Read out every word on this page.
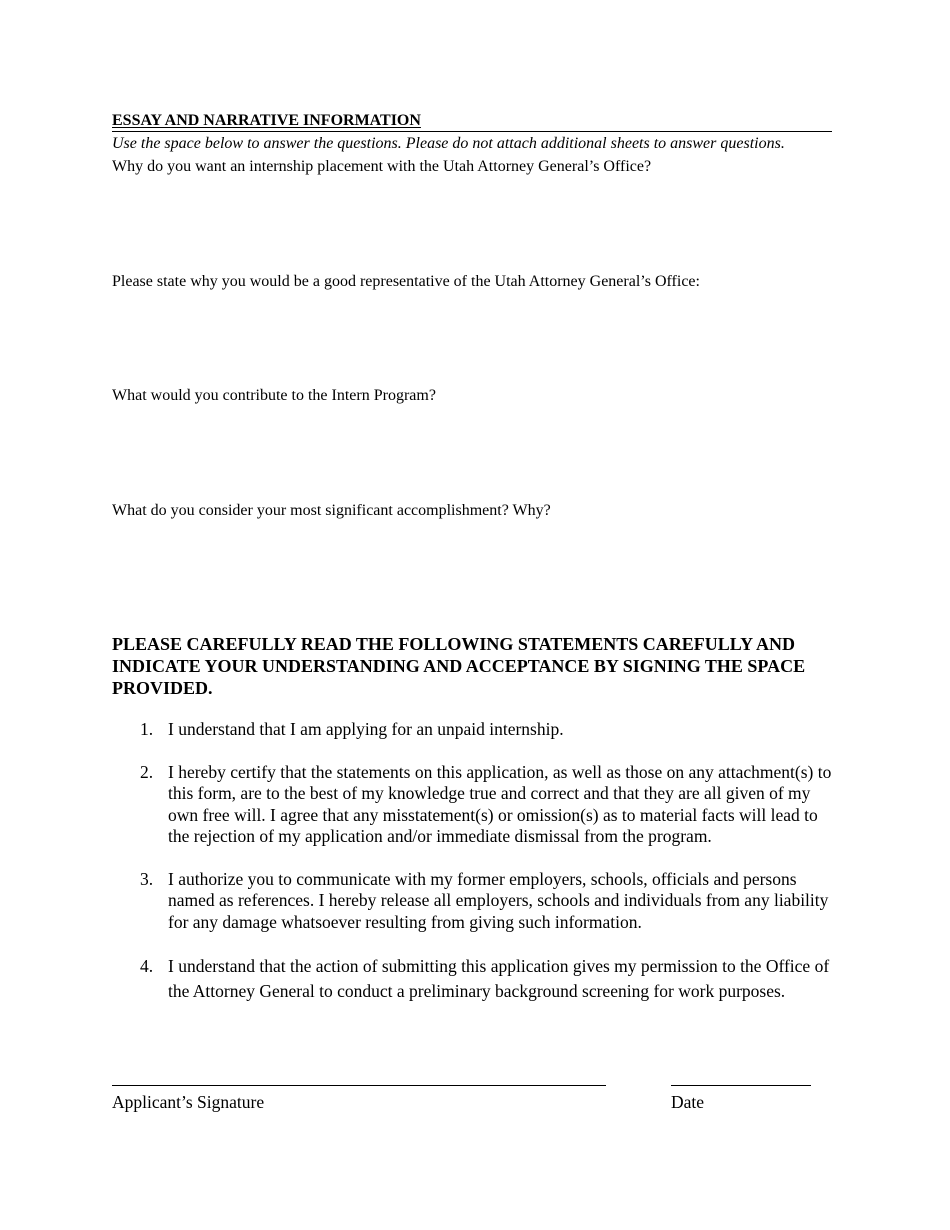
ESSAY AND NARRATIVE INFORMATION
Use the space below to answer the questions. Please do not attach additional sheets to answer questions.
Why do you want an internship placement with the Utah Attorney General’s Office?
Please state why you would be a good representative of the Utah Attorney General’s Office:
What would you contribute to the Intern Program?
What do you consider your most significant accomplishment? Why?
PLEASE CAREFULLY READ THE FOLLOWING STATEMENTS CAREFULLY AND INDICATE YOUR UNDERSTANDING AND ACCEPTANCE BY SIGNING THE SPACE PROVIDED.
1. I understand that I am applying for an unpaid internship.
2. I hereby certify that the statements on this application, as well as those on any attachment(s) to this form, are to the best of my knowledge true and correct and that they are all given of my own free will. I agree that any misstatement(s) or omission(s) as to material facts will lead to the rejection of my application and/or immediate dismissal from the program.
3. I authorize you to communicate with my former employers, schools, officials and persons named as references. I hereby release all employers, schools and individuals from any liability for any damage whatsoever resulting from giving such information.
4. I understand that the action of submitting this application gives my permission to the Office of the Attorney General to conduct a preliminary background screening for work purposes.
Applicant’s Signature	Date
